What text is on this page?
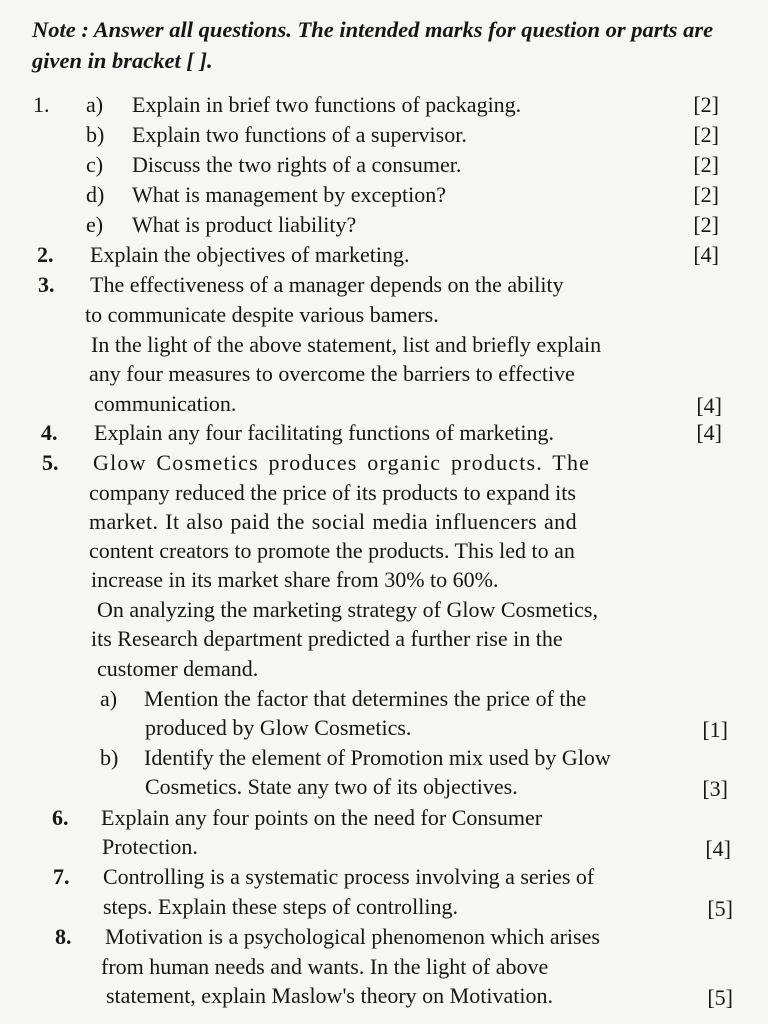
Note : Answer all questions. The intended marks for question or parts are given in bracket [ ].
1. a) Explain in brief two functions of packaging.	[2]
b) Explain two functions of a supervisor.	[2]
c) Discuss the two rights of a consumer.	[2]
d) What is management by exception?	[2]
e) What is product liability?	[2]
2. Explain the objectives of marketing.	[4]
3. The effectiveness of a manager depends on the ability
to communicate despite various bamers.
In the light of the above statement, list and briefly explain
any four measures to overcome the barriers to effective
communication.	[4]
4. Explain any four facilitating functions of marketing.	[4]
5. Glow Cosmetics produces organic products. The
company reduced the price of its products to expand its
market. It also paid the social media influencers and
content creators to promote the products. This led to an
increase in its market share from 30% to 60%.
On analyzing the marketing strategy of Glow Cosmetics,
its Research department predicted a further rise in the
customer demand.
a) Mention the factor that determines the price of the
produced by Glow Cosmetics.	[1]
b) Identify the element of Promotion mix used by Glow
Cosmetics. State any two of its objectives.	[3]
6. Explain any four points on the need for Consumer
Protection.	[4]
7. Controlling is a systematic process involving a series of
steps. Explain these steps of controlling.	[5]
8. Motivation is a psychological phenomenon which arises
from human needs and wants. In the light of above
statement, explain Maslow's theory on Motivation.	[5]
